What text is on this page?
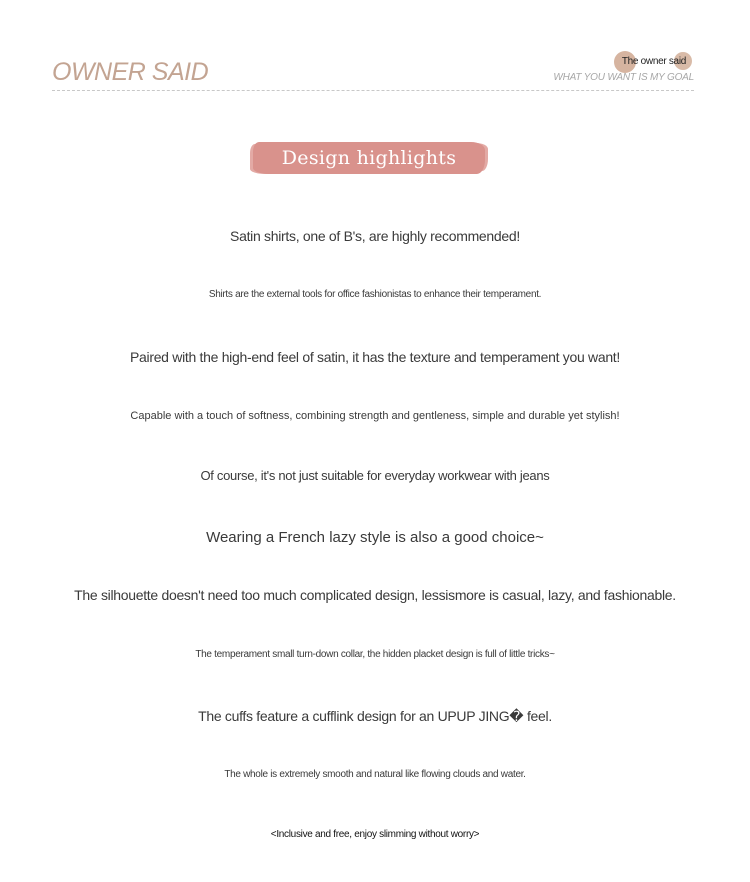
OWNER SAID	The owner said
WHAT YOU WANT IS MY GOAL
Design highlights
Satin shirts, one of B's, are highly recommended!
Shirts are the external tools for office fashionistas to enhance their temperament.
Paired with the high-end feel of satin, it has the texture and temperament you want!
Capable with a touch of softness, combining strength and gentleness, simple and durable yet stylish!
Of course, it's not just suitable for everyday workwear with jeans
Wearing a French lazy style is also a good choice~
The silhouette doesn't need too much complicated design, lessismore is casual, lazy, and fashionable.
The temperament small turn-down collar, the hidden placket design is full of little tricks~
The cuffs feature a cufflink design for an UPUP JING� feel.
The whole is extremely smooth and natural like flowing clouds and water.
<Inclusive and free, enjoy slimming without worry>
